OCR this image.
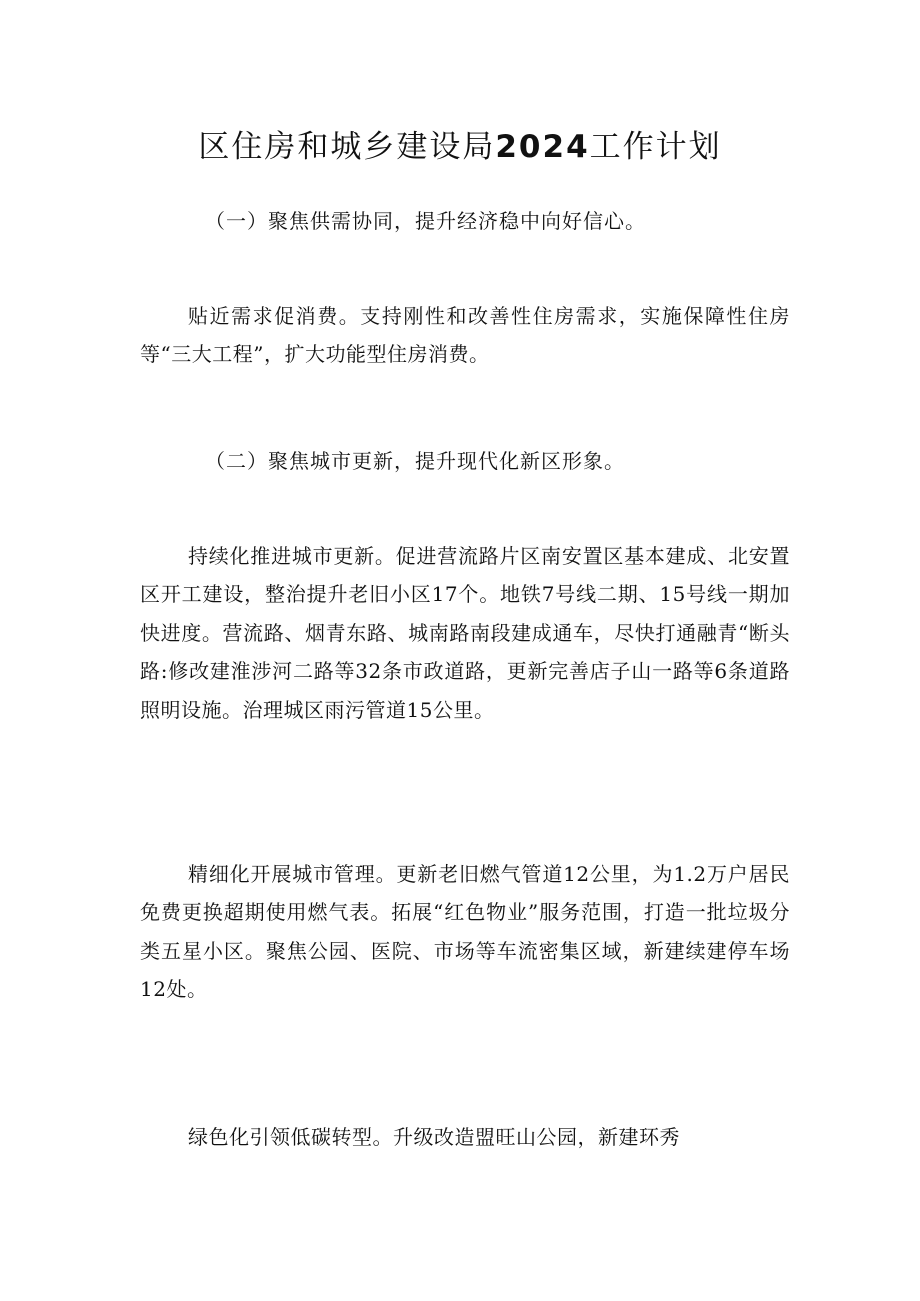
区住房和城乡建设局2024工作计划

（一）聚焦供需协同，提升经济稳中向好信心。

贴近需求促消费。支持刚性和改善性住房需求，实施保障性住房等“三大工程”，扩大功能型住房消费。

（二）聚焦城市更新，提升现代化新区形象。

持续化推进城市更新。促进营流路片区南安置区基本建成、北安置区开工建设，整治提升老旧小区17个。地铁7号线二期、15号线一期加快进度。营流路、烟青东路、城南路南段建成通车，尽快打通融青“断头路:修改建淮涉河二路等32条市政道路，更新完善店子山一路等6条道路照明设施。治理城区雨污管道15公里。

精细化开展城市管理。更新老旧燃气管道12公里，为1.2万户居民免费更换超期使用燃气表。拓展“红色物业”服务范围，打造一批垃圾分类五星小区。聚焦公园、医院、市场等车流密集区域，新建续建停车场12处。

绿色化引领低碳转型。升级改造盟旺山公园，新建环秀
